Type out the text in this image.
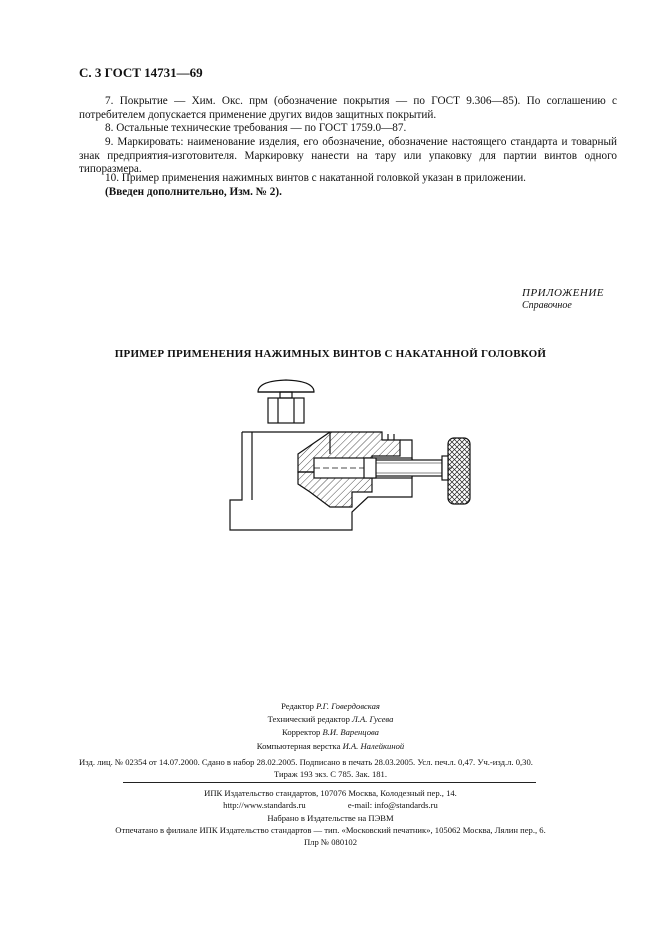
С. 3 ГОСТ 14731—69
7. Покрытие — Хим. Окс. прм (обозначение покрытия — по ГОСТ 9.306—85). По соглашению с потребителем допускается применение других видов защитных покрытий.
8. Остальные технические требования — по ГОСТ 1759.0—87.
9. Маркировать: наименование изделия, его обозначение, обозначение настоящего стандарта и товарный знак предприятия-изготовителя. Маркировку нанести на тару или упаковку для партии винтов одного типоразмера.
10. Пример применения нажимных винтов с накатанной головкой указан в приложении.
(Введен дополнительно, Изм. № 2).
ПРИЛОЖЕНИЕ
Справочное
ПРИМЕР ПРИМЕНЕНИЯ НАЖИМНЫХ ВИНТОВ С НАКАТАННОЙ ГОЛОВКОЙ
Редактор Р.Г. Говердовская
Технический редактор Л.А. Гусева
Корректор В.И. Варенцова
Компьютерная верстка И.А. Налейкиной
Изд. лиц. № 02354 от 14.07.2000. Сдано в набор 28.02.2005. Подписано в печать 28.03.2005. Усл. печ.л. 0,47. Уч.-изд.л. 0,30.
Тираж 193 экз. С 785. Зак. 181.
ИПК Издательство стандартов, 107076 Москва, Колодезный пер., 14.
http://www.standards.ru	e-mail: info@standards.ru
Набрано в Издательстве на ПЭВМ
Отпечатано в филиале ИПК Издательство стандартов — тип. «Московский печатник», 105062 Москва, Лялин пер., 6.
Плр № 080102
